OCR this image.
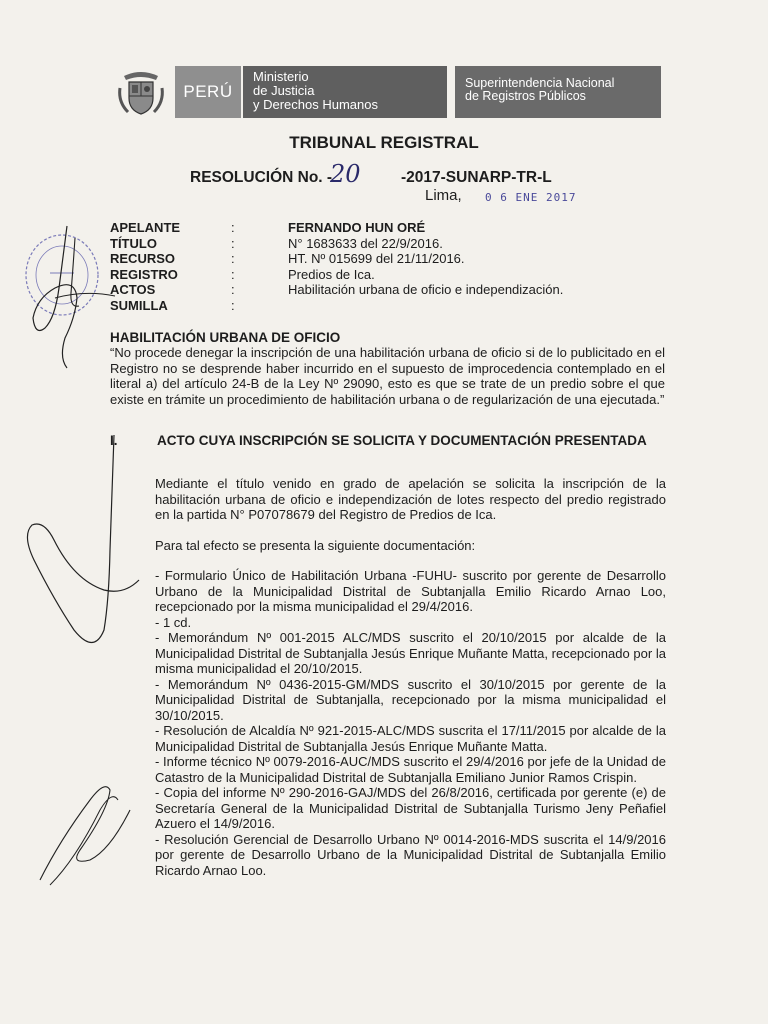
PERÚ
Ministerio
de Justicia
y Derechos Humanos
Superintendencia Nacional
de Registros Públicos
TRIBUNAL REGISTRAL
RESOLUCIÓN No. -
20	-2017-SUNARP-TR-L
Lima, 0 6 ENE 2017
APELANTE	:	FERNANDO HUN ORÉ
TÍTULO	:	N° 1683633 del 22/9/2016.
RECURSO	:	HT. Nº 015699 del 21/11/2016.
REGISTRO	:	Predios de Ica.
ACTOS	:	Habilitación urbana de oficio e independización.
SUMILLA	:
HABILITACIÓN URBANA DE OFICIO
“No procede denegar la inscripción de una habilitación urbana de oficio si de lo publicitado en el Registro no se desprende haber incurrido en el supuesto de improcedencia contemplado en el literal a) del artículo 24-B de la Ley Nº 29090, esto es que se trate de un predio sobre el que existe en trámite un procedimiento de habilitación urbana o de regularización de una ejecutada.”
I.	ACTO CUYA INSCRIPCIÓN SE SOLICITA Y DOCUMENTACIÓN PRESENTADA

Mediante el título venido en grado de apelación se solicita la inscripción de la habilitación urbana de oficio e independización de lotes respecto del predio registrado en la partida N° P07078679 del Registro de Predios de Ica.

Para tal efecto se presenta la siguiente documentación:

- Formulario Único de Habilitación Urbana -FUHU- suscrito por gerente de Desarrollo Urbano de la Municipalidad Distrital de Subtanjalla Emilio Ricardo Arnao Loo, recepcionado por la misma municipalidad el 29/4/2016.

- 1 cd.

- Memorándum Nº 001-2015 ALC/MDS suscrito el 20/10/2015 por alcalde de la Municipalidad Distrital de Subtanjalla Jesús Enrique Muñante Matta, recepcionado por la misma municipalidad el 20/10/2015.

- Memorándum Nº 0436-2015-GM/MDS suscrito el 30/10/2015 por gerente de la Municipalidad Distrital de Subtanjalla, recepcionado por la misma municipalidad el 30/10/2015.

- Resolución de Alcaldía Nº 921-2015-ALC/MDS suscrita el 17/11/2015 por alcalde de la Municipalidad Distrital de Subtanjalla Jesús Enrique Muñante Matta.

- Informe técnico Nº 0079-2016-AUC/MDS suscrito el 29/4/2016 por jefe de la Unidad de Catastro de la Municipalidad Distrital de Subtanjalla Emiliano Junior Ramos Crispin.

- Copia del informe Nº 290-2016-GAJ/MDS del 26/8/2016, certificada por gerente (e) de Secretaría General de la Municipalidad Distrital de Subtanjalla Turismo Jeny Peñafiel Azuero el 14/9/2016.

- Resolución Gerencial de Desarrollo Urbano Nº 0014-2016-MDS suscrita el 14/9/2016 por gerente de Desarrollo Urbano de la Municipalidad Distrital de Subtanjalla Emilio Ricardo Arnao Loo.
